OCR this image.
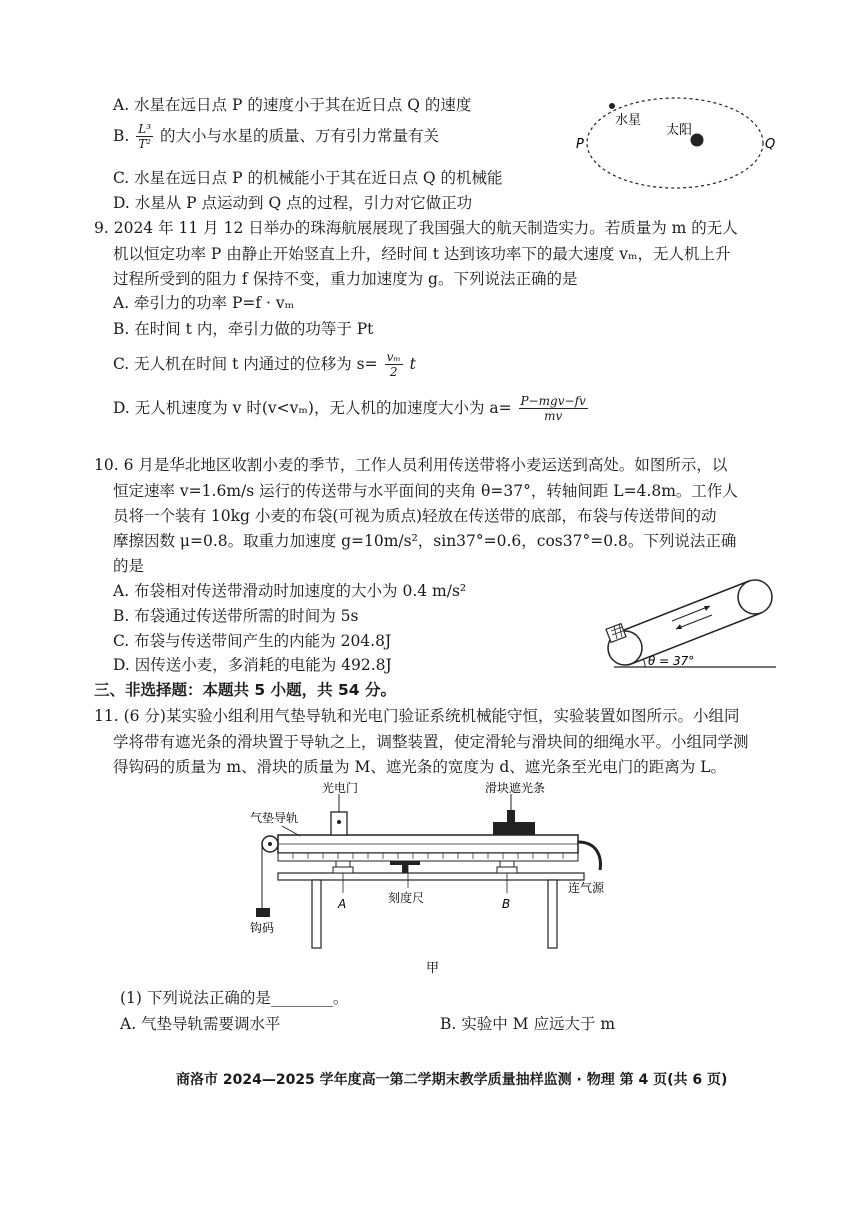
A. 水星在远日点 P 的速度小于其在近日点 Q 的速度
B. $\frac{\text{L³}}{\text{T²}}$ 的大小与水星的质量、万有引力常量有关
C. 水星在远日点 P 的机械能小于其在近日点 Q 的机械能
D. 水星从 P 点运动到 Q 点的过程，引力对它做正功
水星
太阳
P	Q
9. 2024 年 11 月 12 日举办的珠海航展展现了我国强大的航天制造实力。若质量为 m 的无人
机以恒定功率 P 由静止开始竖直上升，经时间 t 达到该功率下的最大速度 vₘ，无人机上升
过程所受到的阻力 f 保持不变，重力加速度为 g。下列说法正确的是
A. 牵引力的功率 P=f · vₘ
B. 在时间 t 内，牵引力做的功等于 Pt
C. 无人机在时间 t 内通过的位移为 $s= \frac{\text{vₘ}}{2}$ t
D. 无人机速度为 v 时(v<vₘ)，无人机的加速度大小为 $a= \frac{\text{P−mgv−fv}}{mv}$
10. 6 月是华北地区收割小麦的季节，工作人员利用传送带将小麦运送到高处。如图所示，以
恒定速率 v=1.6m/s 运行的传送带与水平面间的夹角 θ=37°，转轴间距 L=4.8m。工作人
员将一个装有 10kg 小麦的布袋(可视为质点)轻放在传送带的底部，布袋与传送带间的动
摩擦因数 μ=0.8。取重力加速度 g=10m/s²，sin37°=0.6，cos37°=0.8。下列说法正确
的是
A. 布袋相对传送带滑动时加速度的大小为 0.4 m/s²
B. 布袋通过传送带所需的时间为 5s
C. 布袋与传送带间产生的内能为 204.8J
D. 因传送小麦，多消耗的电能为 492.8J	θ = 37°
三、非选择题：本题共 5 小题，共 54 分。
11. (6 分)某实验小组利用气垫导轨和光电门验证系统机械能守恒，实验装置如图所示。小组同
学将带有遮光条的滑块置于导轨之上，调整装置，使定滑轮与滑块间的细绳水平。小组同学测
得钩码的质量为 m、滑块的质量为 M、遮光条的宽度为 d、遮光条至光电门的距离为 L。
光电门	滑块遮光条
气垫导轨
钩码
连气源
刻度尺
A	B
甲
(1) 下列说法正确的是________。
A. 气垫导轨需要调水平	B. 实验中 M 应远大于 m
商洛市 2024—2025 学年度高一第二学期末教学质量抽样监测 · 物理 第 4 页(共 6 页)
